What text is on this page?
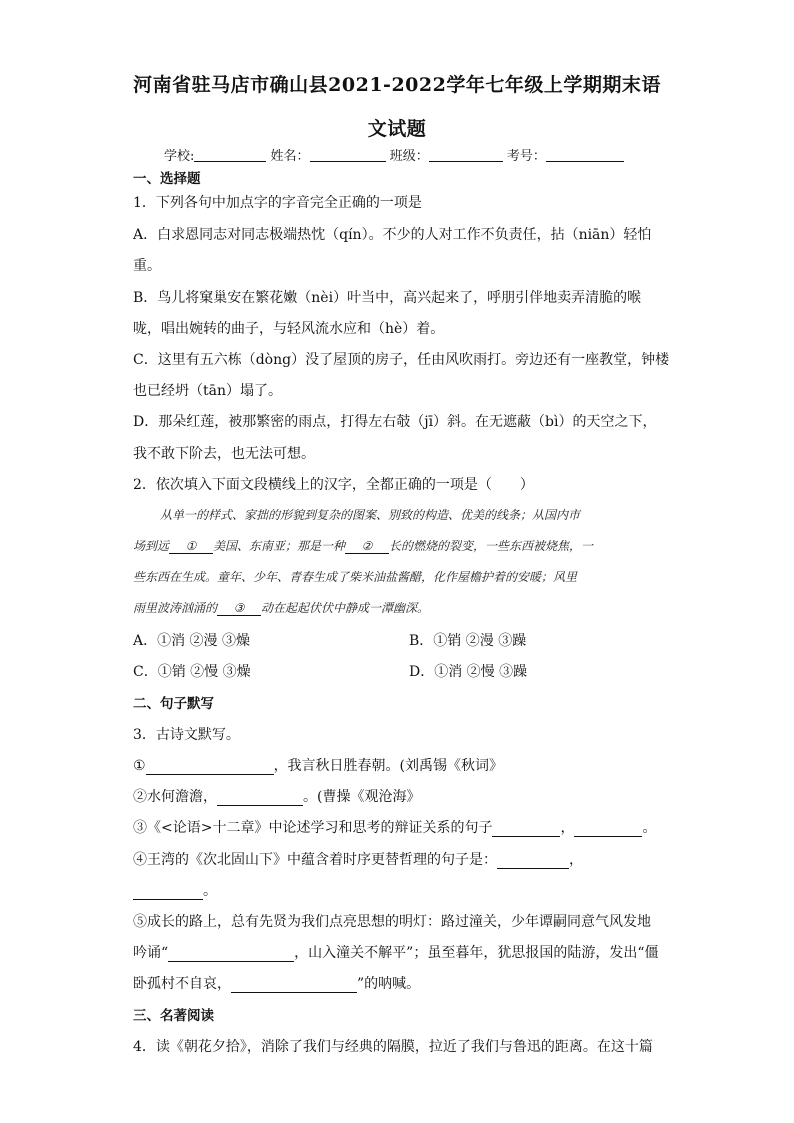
河南省驻马店市确山县2021-2022学年七年级上学期期末语
文试题
学校:	姓名：	班级：	考号：
一、选择题
1．下列各句中加点字的字音完全正确的一项是
A．白求恩同志对同志极端热忱（qín）。不少的人对工作不负责任，拈（niān）轻怕
重。
B．鸟儿将窠巢安在繁花嫩（nèi）叶当中，高兴起来了，呼朋引伴地卖弄清脆的喉
咙，唱出婉转的曲子，与轻风流水应和（hè）着。
C．这里有五六栋（dòng）没了屋顶的房子，任由风吹雨打。旁边还有一座教堂，钟楼
也已经坍（tān）塌了。
D．那朵红莲，被那繁密的雨点，打得左右攲（jī）斜。在无遮蔽（bì）的天空之下，
我不敢下阶去，也无法可想。
2．依次填入下面文段横线上的汉字，全都正确的一项是（　　）
从单一的样式、家拙的形貌到复杂的图案、别致的构造、优美的线条；从国内市
场到远 ① 美国、东南亚；那是一种 ② 长的燃烧的裂变，一些东西被烧焦，一
些东西在生成。童年、少年、青春生成了柴米油盐酱醋，化作屋檐护着的安暖；风里
雨里波涛汹涌的 ③ 动在起起伏伏中静成一潭幽深。
A．①消 ②漫 ③燥	B．①销 ②漫 ③躁
C．①销 ②慢 ③燥	D．①消 ②慢 ③躁
二、句子默写
3．古诗文默写。
①	，我言秋日胜春朝。(刘禹锡《秋词》
②水何澹澹，	。(曹操《观沧海》
③《<论语>十二章》中论述学习和思考的辩证关系的句子	，	。
④王湾的《次北固山下》中蕴含着时序更替哲理的句子是：	，
。
⑤成长的路上，总有先贤为我们点亮思想的明灯：路过潼关，少年谭嗣同意气风发地
吟诵“	，山入潼关不解平”；虽至暮年，犹思报国的陆游，发出“僵
卧孤村不自哀，	”的呐喊。
三、名著阅读
4．读《朝花夕拾》，消除了我们与经典的隔膜，拉近了我们与鲁迅的距离。在这十篇
